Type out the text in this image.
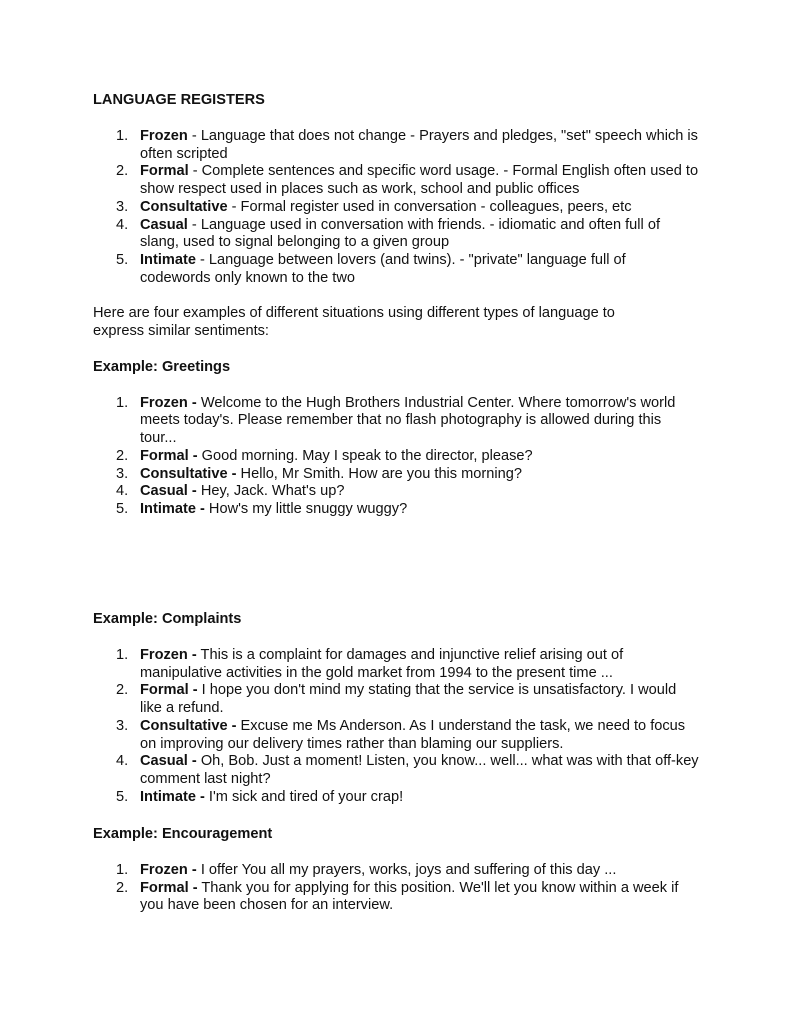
LANGUAGE REGISTERS
1. Frozen - Language that does not change - Prayers and pledges, "set" speech which is often scripted
2. Formal - Complete sentences and specific word usage. - Formal English often used to show respect used in places such as work, school and public offices
3. Consultative - Formal register used in conversation - colleagues, peers, etc
4. Casual - Language used in conversation with friends. - idiomatic and often full of slang, used to signal belonging to a given group
5. Intimate - Language between lovers (and twins). - "private" language full of codewords only known to the two

Here are four examples of different situations using different types of language to express similar sentiments:

Example: Greetings
1. Frozen - Welcome to the Hugh Brothers Industrial Center. Where tomorrow's world meets today's. Please remember that no flash photography is allowed during this tour...
2. Formal - Good morning. May I speak to the director, please?
3. Consultative - Hello, Mr Smith. How are you this morning?
4. Casual - Hey, Jack. What's up?
5. Intimate - How's my little snuggy wuggy?
Example: Complaints
1. Frozen - This is a complaint for damages and injunctive relief arising out of manipulative activities in the gold market from 1994 to the present time ...
2. Formal - I hope you don't mind my stating that the service is unsatisfactory. I would like a refund.
3. Consultative - Excuse me Ms Anderson. As I understand the task, we need to focus on improving our delivery times rather than blaming our suppliers.
4. Casual - Oh, Bob. Just a moment! Listen, you know... well... what was with that off-key comment last night?
5. Intimate - I'm sick and tired of your crap!
Example: Encouragement
1. Frozen - I offer You all my prayers, works, joys and suffering of this day ...
2. Formal - Thank you for applying for this position. We'll let you know within a week if you have been chosen for an interview.
